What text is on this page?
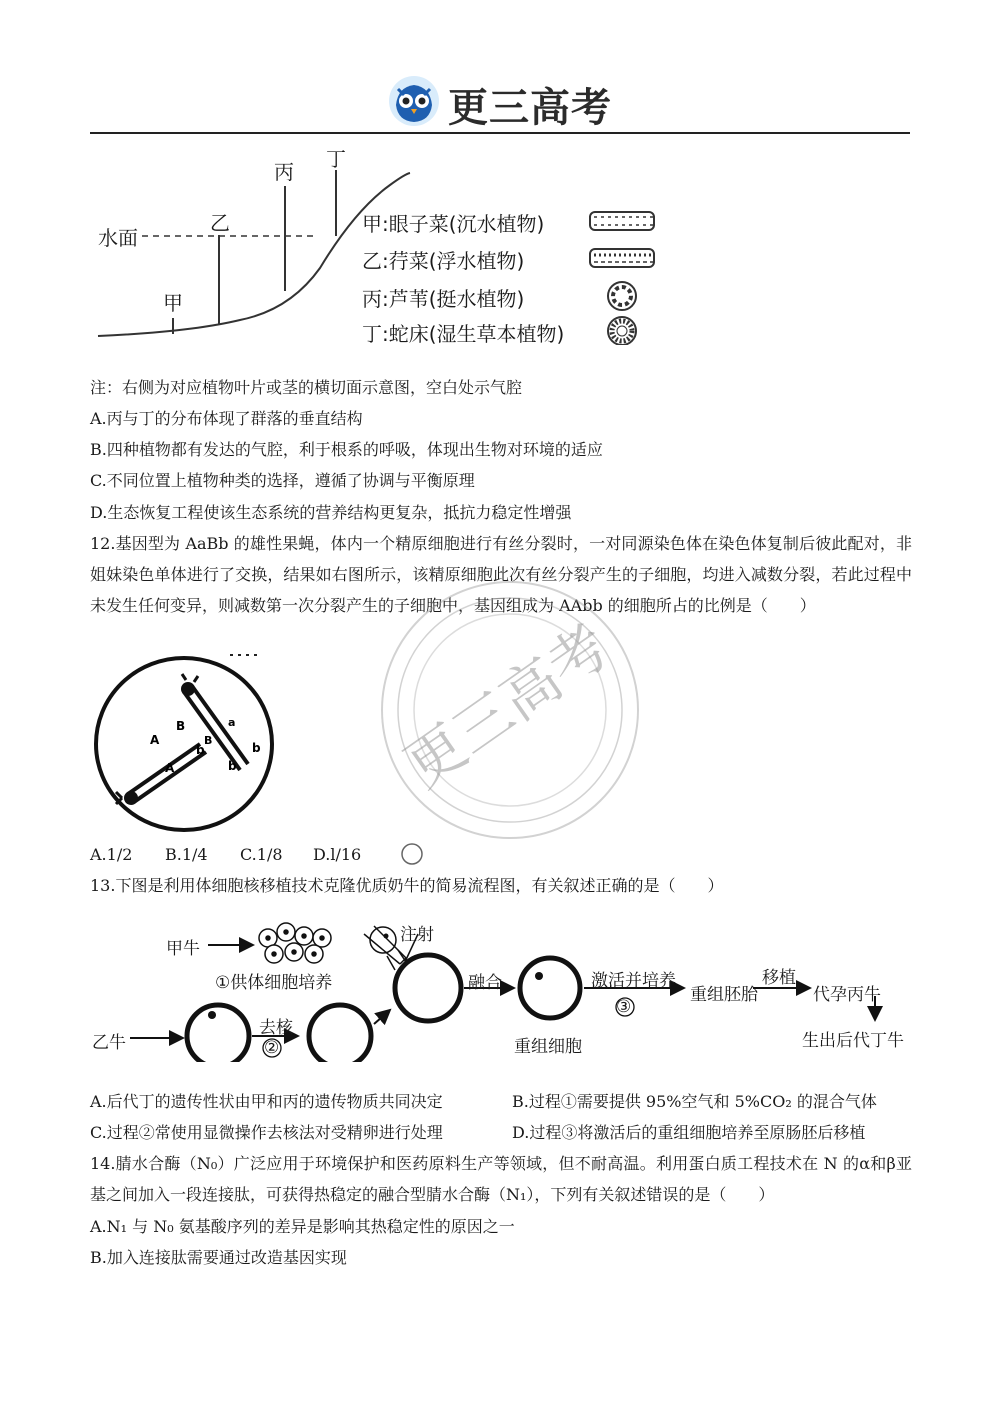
更三高考
水面
甲
乙
丙
丁
甲:眼子菜(沉水植物)
乙:荇菜(浮水植物)
丙:芦苇(挺水植物)
丁:蛇床(湿生草本植物)
注：右侧为对应植物叶片或茎的横切面示意图，空白处示气腔
A.丙与丁的分布体现了群落的垂直结构
B.四种植物都有发达的气腔，利于根系的呼吸，体现出生物对环境的适应
C.不同位置上植物种类的选择，遵循了协调与平衡原理
D.生态恢复工程使该生态系统的营养结构更复杂，抵抗力稳定性增强
12.基因型为 AaBb 的雄性果蝇，体内一个精原细胞进行有丝分裂时，一对同源染色体在染色体复制后彼此配对，非姐妹染色单体进行了交换，结果如右图所示，该精原细胞此次有丝分裂产生的子细胞，均进入减数分裂，若此过程中未发生任何变异，则减数第一次分裂产生的子细胞中，基因组成为 AAbb 的细胞所占的比例是（　　）
A
B
A
b
B
a
b
b
A.1/2 B.1/4 C.1/8 D.l/16
13.下图是利用体细胞核移植技术克隆优质奶牛的简易流程图，有关叙述正确的是（　　）
甲牛
①供体细胞培养
注射
乙牛
去核
②
融合
重组细胞
激活并培养
③
重组胚胎
移植
代孕丙牛
生出后代丁牛
A.后代丁的遗传性状由甲和丙的遗传物质共同决定	B.过程①需要提供 95%空气和 5%CO₂ 的混合气体
C.过程②常使用显微操作去核法对受精卵进行处理	D.过程③将激活后的重组细胞培养至原肠胚后移植
14.腈水合酶（N₀）广泛应用于环境保护和医药原料生产等领域，但不耐高温。利用蛋白质工程技术在 N 的α和β亚基之间加入一段连接肽，可获得热稳定的融合型腈水合酶（N₁），下列有关叙述错误的是（　　）
A.N₁ 与 N₀ 氨基酸序列的差异是影响其热稳定性的原因之一
B.加入连接肽需要通过改造基因实现
更三高考
